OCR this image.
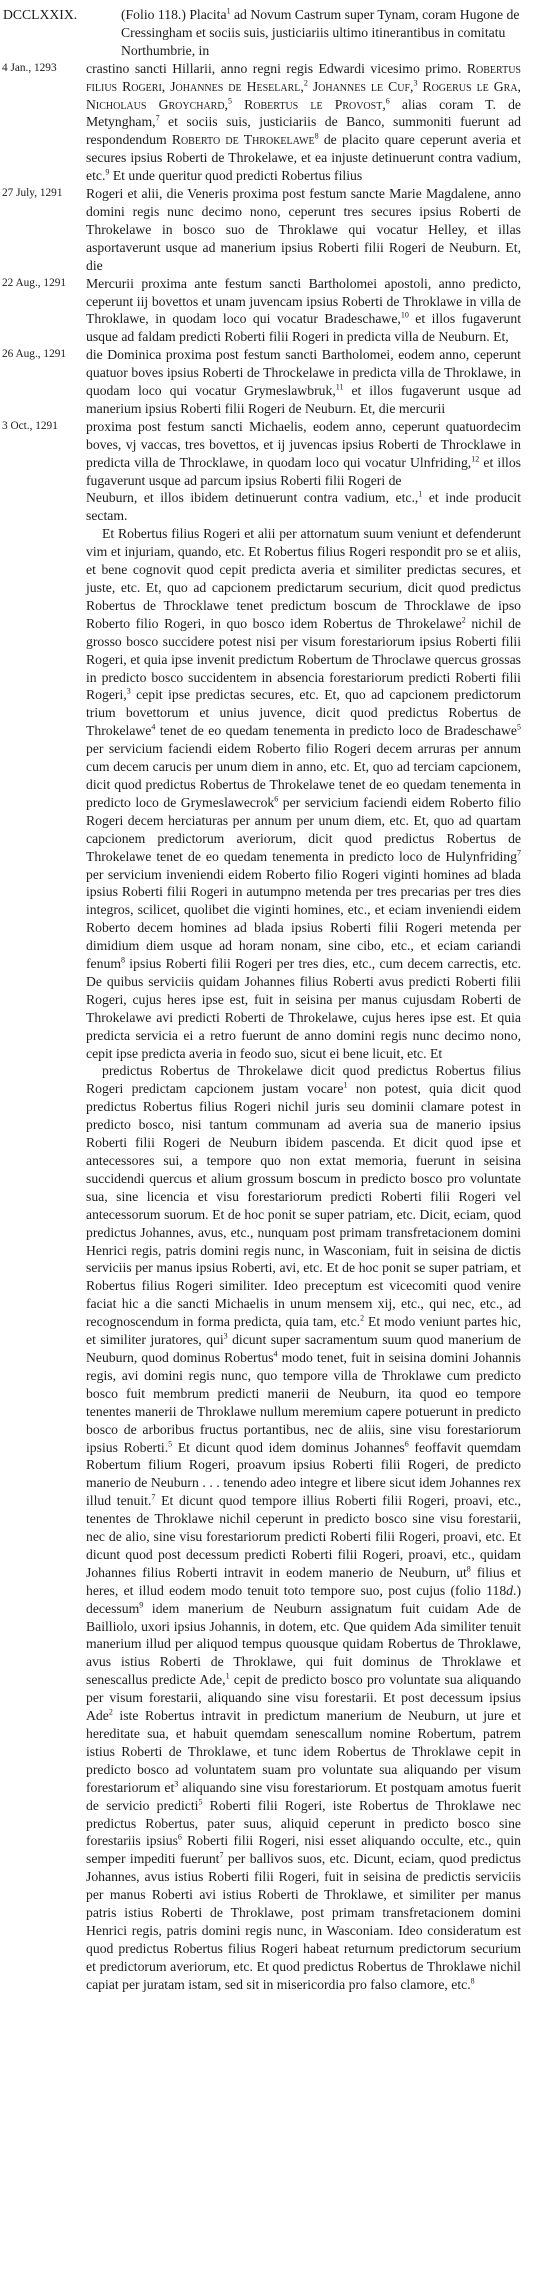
DCCLXXIX.	(Folio 118.) Placita$^1$ ad Novum Castrum super Tynam, coram Hugone de Cressingham et sociis suis, justiciariis ultimo itinerantibus in comitatu Northumbrie, in
4 Jan., 1293	crastino sancti Hillarii, anno regni regis Edwardi vicesimo primo. Robertus filius Rogeri, Johannes de Heselarl,$^2$ Johannes le Cuf,$^3$ Rogerus le Gra, Nicholaus Groychard,$^5$ Robertus le Provost,$^6$ alias coram T. de Metyngham,$^7$ et sociis suis, justiciariis de Banco, summoniti fuerunt ad respondendum Roberto de Throkelawe$^8$ de placito quare ceperunt averia et secures ipsius Roberti de Throkelawe, et ea injuste detinuerunt contra vadium, etc.$^9$ Et unde queritur quod predicti Robertus filius
27 July, 1291	Rogeri et alii, die Veneris proxima post festum sancte Marie Magdalene, anno domini regis nunc decimo nono, ceperunt tres secures ipsius Roberti de Throkelawe in bosco suo de Throklawe qui vocatur Helley, et illas asportaverunt usque ad manerium ipsius Roberti filii Rogeri de Neuburn. Et, die
22 Aug., 1291	Mercurii proxima ante festum sancti Bartholomei apostoli, anno predicto, ceperunt iij bovettos et unam juvencam ipsius Roberti de Throklawe in villa de Throklawe, in quodam loco qui vocatur Bradeschawe,$^{10}$ et illos fugaverunt usque ad faldam predicti Roberti filii Rogeri in predicta villa de Neuburn. Et,
26 Aug., 1291	die Dominica proxima post festum sancti Bartholomei, eodem anno, ceperunt quatuor boves ipsius Roberti de Throckelawe in predicta villa de Throklawe, in quodam loco qui vocatur Grymeslawbruk,$^{11}$ et illos fugaverunt usque ad manerium ipsius Roberti filii Rogeri de Neuburn. Et, die mercurii
3 Oct., 1291	proxima post festum sancti Michaelis, eodem anno, ceperunt quatuordecim boves, vj vaccas, tres bovettos, et ij juvencas ipsius Roberti de Throcklawe in predicta villa de Throcklawe, in quodam loco qui vocatur Ulnfriding,$^{12}$ et illos fugaverunt usque ad parcum ipsius Roberti filii Rogeri de

Neuburn, et illos ibidem detinuerunt contra vadium, etc.,$^1$ et inde producit sectam.

Et Robertus filius Rogeri et alii per attornatum suum veniunt et defenderunt vim et injuriam, quando, etc. Et Robertus filius Rogeri respondit pro se et aliis, et bene cognovit quod cepit predicta averia et similiter predictas secures, et juste, etc. Et, quo ad capcionem predictarum securium, dicit quod predictus Robertus de Throcklawe tenet predictum boscum de Throcklawe de ipso Roberto filio Rogeri, in quo bosco idem Robertus de Throkelawe$^2$ nichil de grosso bosco succidere potest nisi per visum forestariorum ipsius Roberti filii Rogeri, et quia ipse invenit predictum Robertum de Throclawe quercus grossas in predicto bosco succidentem in absencia forestariorum predicti Roberti filii Rogeri,$^3$ cepit ipse predictas secures, etc. Et, quo ad capcionem predictorum trium bovettorum et unius juvence, dicit quod predictus Robertus de Throkelawe$^4$ tenet de eo quedam tenementa in predicto loco de Bradeschawe$^5$ per servicium faciendi eidem Roberto filio Rogeri decem arruras per annum cum decem carucis per unum diem in anno, etc. Et, quo ad terciam capcionem, dicit quod predictus Robertus de Throkelawe tenet de eo quedam tenementa in predicto loco de Grymeslawecrok$^6$ per servicium faciendi eidem Roberto filio Rogeri decem herciaturas per annum per unum diem, etc. Et, quo ad quartam capcionem predictorum averiorum, dicit quod predictus Robertus de Throkelawe tenet de eo quedam tenementa in predicto loco de Hulynfriding$^7$ per servicium inveniendi eidem Roberto filio Rogeri viginti homines ad blada ipsius Roberti filii Rogeri in autumpno metenda per tres precarias per tres dies integros, scilicet, quolibet die viginti homines, etc., et eciam inveniendi eidem Roberto decem homines ad blada ipsius Roberti filii Rogeri metenda per dimidium diem usque ad horam nonam, sine cibo, etc., et eciam cariandi fenum$^8$ ipsius Roberti filii Rogeri per tres dies, etc., cum decem carrectis, etc. De quibus serviciis quidam Johannes filius Roberti avus predicti Roberti filii Rogeri, cujus heres ipse est, fuit in seisina per manus cujusdam Roberti de Throkelawe avi predicti Roberti de Throkelawe, cujus heres ipse est. Et quia predicta servicia ei a retro fuerunt de anno domini regis nunc decimo nono, cepit ipse predicta averia in feodo suo, sicut ei bene licuit, etc. Et

predictus Robertus de Throkelawe dicit quod predictus Robertus filius Rogeri predictam capcionem justam vocare$^1$ non potest, quia dicit quod predictus Robertus filius Rogeri nichil juris seu dominii clamare potest in predicto bosco, nisi tantum communam ad averia sua de manerio ipsius Roberti filii Rogeri de Neuburn ibidem pascenda. Et dicit quod ipse et antecessores sui, a tempore quo non extat memoria, fuerunt in seisina succidendi quercus et alium grossum boscum in predicto bosco pro voluntate sua, sine licencia et visu forestariorum predicti Roberti filii Rogeri vel antecessorum suorum. Et de hoc ponit se super patriam, etc. Dicit, eciam, quod predictus Johannes, avus, etc., nunquam post primam transfretacionem domini Henrici regis, patris domini regis nunc, in Wasconiam, fuit in seisina de dictis serviciis per manus ipsius Roberti, avi, etc. Et de hoc ponit se super patriam, et Robertus filius Rogeri similiter. Ideo preceptum est vicecomiti quod venire faciat hic a die sancti Michaelis in unum mensem xij, etc., qui nec, etc., ad recognoscendum in forma predicta, quia tam, etc.$^2$ Et modo veniunt partes hic, et similiter juratores, qui$^3$ dicunt super sacramentum suum quod manerium de Neuburn, quod dominus Robertus$^4$ modo tenet, fuit in seisina domini Johannis regis, avi domini regis nunc, quo tempore villa de Throklawe cum predicto bosco fuit membrum predicti manerii de Neuburn, ita quod eo tempore tenentes manerii de Throklawe nullum meremium capere potuerunt in predicto bosco de arboribus fructus portantibus, nec de aliis, sine visu forestariorum ipsius Roberti.$^5$ Et dicunt quod idem dominus Johannes$^6$ feoffavit quemdam Robertum filium Rogeri, proavum ipsius Roberti filii Rogeri, de predicto manerio de Neuburn . . . tenendo adeo integre et libere sicut idem Johannes rex illud tenuit.$^7$ Et dicunt quod tempore illius Roberti filii Rogeri, proavi, etc., tenentes de Throklawe nichil ceperunt in predicto bosco sine visu forestarii, nec de alio, sine visu forestariorum predicti Roberti filii Rogeri, proavi, etc. Et dicunt quod post decessum predicti Roberti filii Rogeri, proavi, etc., quidam Johannes filius Roberti intravit in eodem manerio de Neuburn, $ut^8$ filius et heres, et illud eodem modo tenuit toto tempore suo, post cujus (folio 118d.) decessum$^9$ idem manerium de Neuburn assignatum fuit cuidam Ade de Bailliolo, uxori ipsius Johannis, in dotem, etc. Que quidem Ada similiter tenuit manerium illud per aliquod tempus quousque quidam Robertus de Throklawe, avus istius Roberti de Throklawe, qui fuit dominus de Throklawe et senescallus predicte Ade,$^1$ cepit de predicto bosco pro voluntate sua aliquando per visum forestarii, aliquando sine visu forestarii. Et post decessum ipsius Ade$^2$ iste Robertus intravit in predictum manerium de Neuburn, ut jure et hereditate sua, et habuit quemdam senescallum nomine Robertum, patrem istius Roberti de Throklawe, et tunc idem Robertus de Throklawe cepit in predicto bosco ad voluntatem suam pro voluntate sua aliquando per visum forestariorum $et^3$ aliquando sine visu forestariorum. Et postquam amotus fuerit de servicio predicti$^5$ Roberti filii Rogeri, iste Robertus de Throklawe nec predictus Robertus, pater suus, aliquid ceperunt in predicto bosco sine forestariis ipsius$^6$ Roberti filii Rogeri, nisi esset aliquando occulte, etc., quin semper impediti fuerunt$^7$ per ballivos suos, etc. Dicunt, eciam, quod predictus Johannes, avus istius Roberti filii Rogeri, fuit in seisina de predictis serviciis per manus Roberti avi istius Roberti de Throklawe, et similiter per manus patris istius Roberti de Throklawe, post primam transfretacionem domini Henrici regis, patris domini regis nunc, in Wasconiam. Ideo consideratum est quod predictus Robertus filius Rogeri habeat returnum predictorum securium et predictorum averiorum, etc. Et quod predictus Robertus de Throklawe nichil capiat per juratam istam, sed sit in misericordia pro falso clamore, etc.$^8$
